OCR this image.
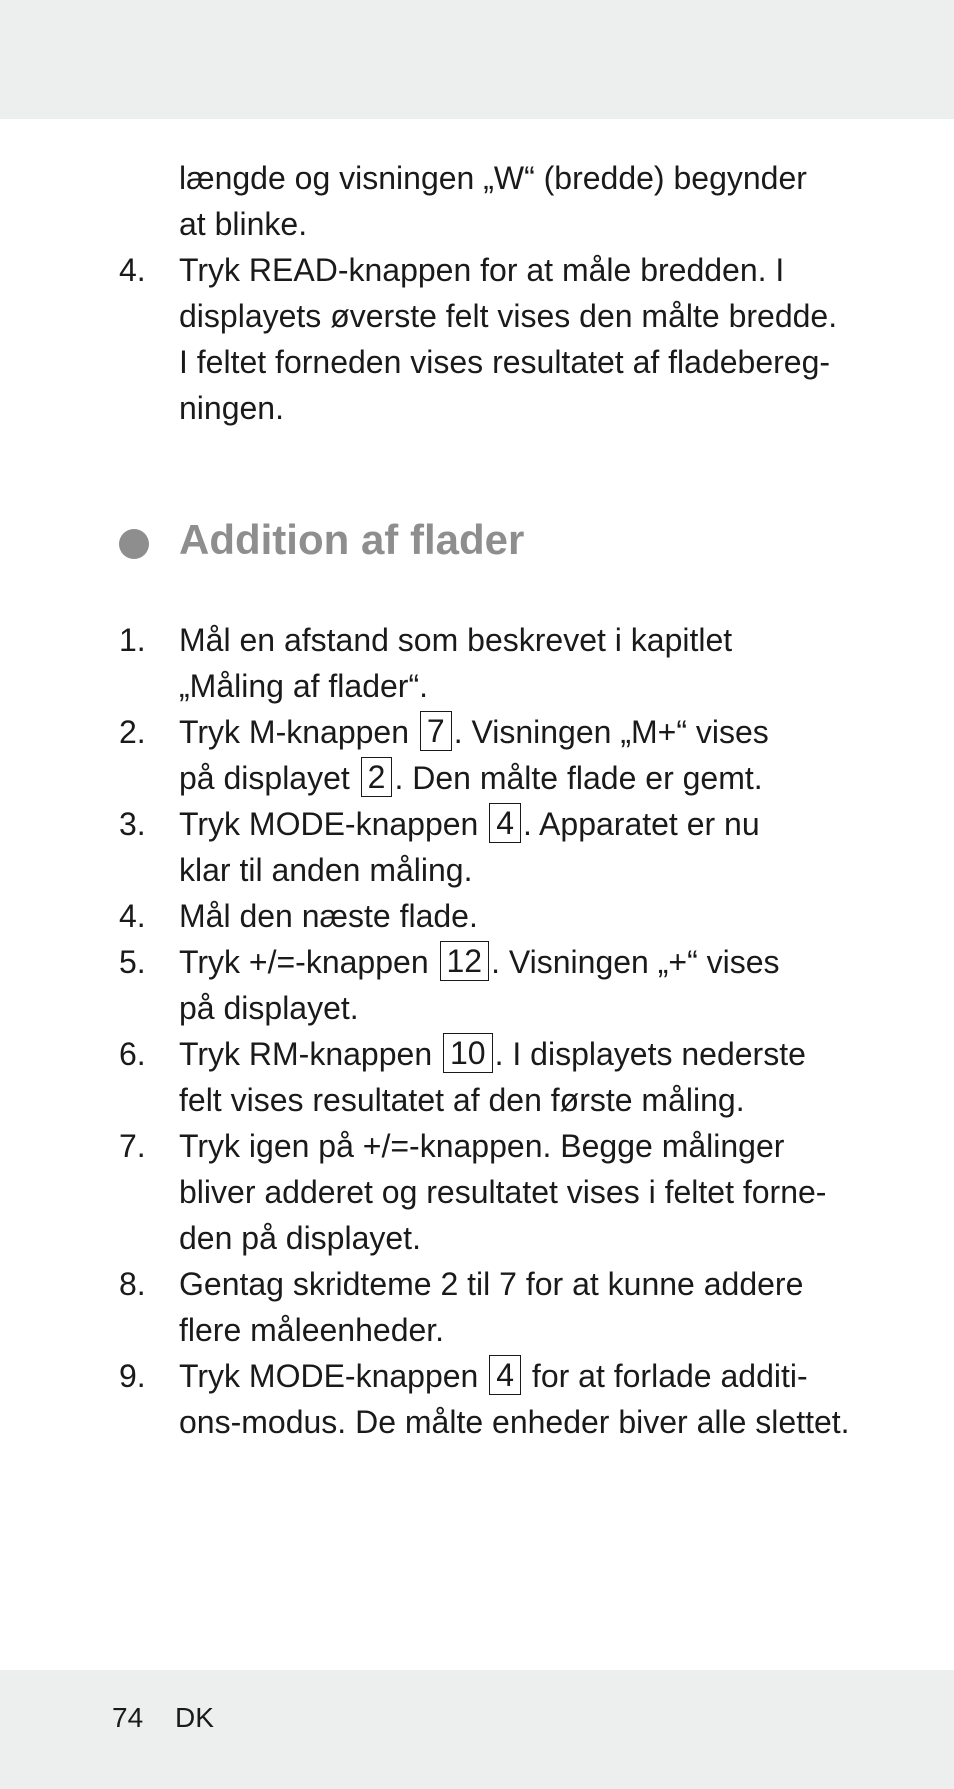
længde og visningen „W“ (bredde) begynder
at blinke.
4.	Tryk READ-knappen for at måle bredden. I
displayets øverste felt vises den målte bredde.
I feltet forneden vises resultatet af fladebereg-
ningen.
Addition af flader
1.	Mål en afstand som beskrevet i kapitlet
„Måling af flader“.
2.	Tryk M-knappen 7 . Visningen „M+“ vises
på displayet 2 . Den målte flade er gemt.
3.	Tryk MODE-knappen 4 . Apparatet er nu
klar til anden måling.
4.	Mål den næste flade.
5.	Tryk +/=-knappen 12 . Visningen „+“ vises
på displayet.
6.	Tryk RM-knappen 10 . I displayets nederste
felt vises resultatet af den første måling.
7.	Tryk igen på +/=-knappen. Begge målinger
bliver adderet og resultatet vises i feltet forne-
den på displayet.
8.	Gentag skridteme 2 til 7 for at kunne addere
flere måleenheder.
9.	Tryk MODE-knappen 4 for at forlade additi-
ons-modus. De målte enheder biver alle slettet.
74 DK
